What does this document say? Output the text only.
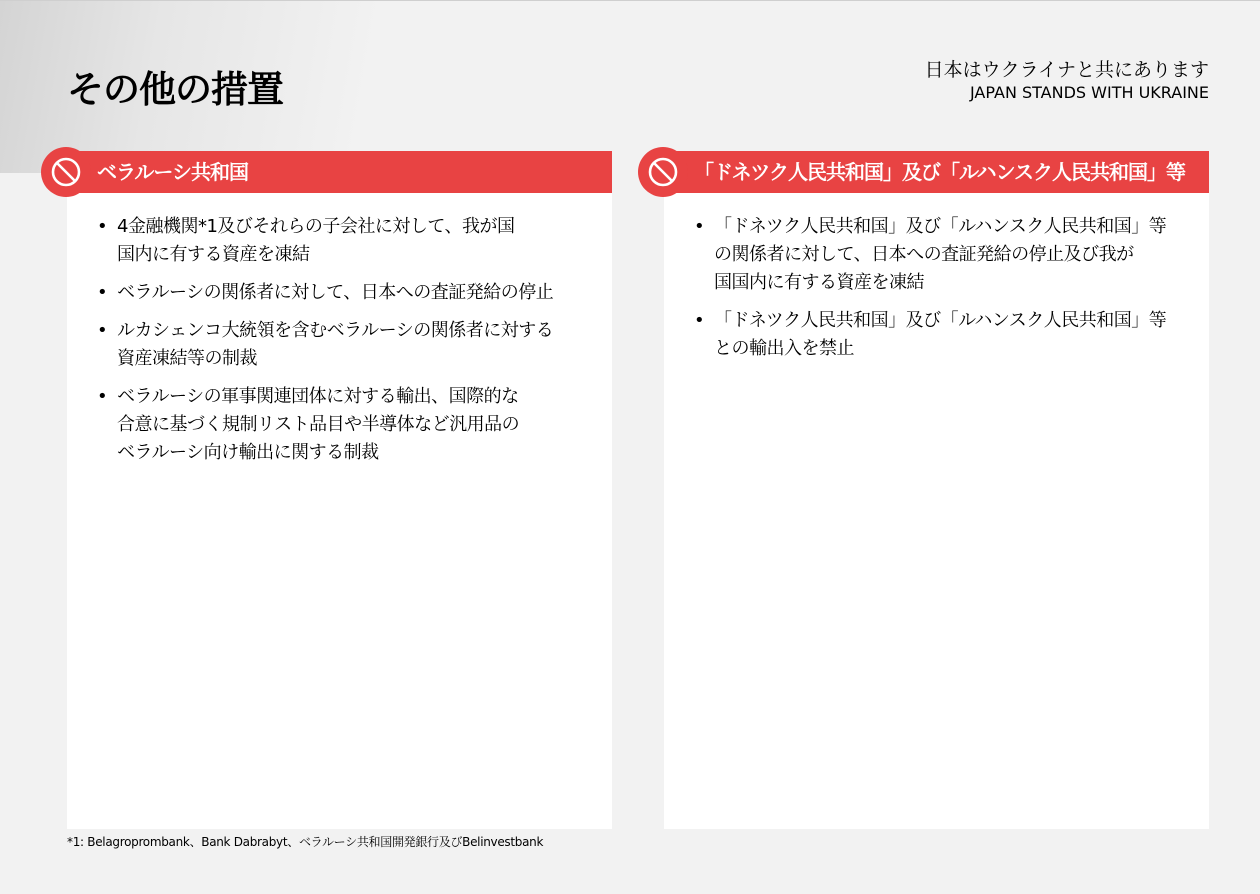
その他の措置	日本はウクライナと共にあります
JAPAN STANDS WITH UKRAINE
ベラルーシ共和国
• 4金融機関*1及びそれらの子会社に対して、我が国
国内に有する資産を凍結
• ベラルーシの関係者に対して、日本への査証発給の停止
• ルカシェンコ大統領を含むベラルーシの関係者に対する
資産凍結等の制裁
• ベラルーシの軍事関連団体に対する輸出、国際的な
合意に基づく規制リスト品目や半導体など汎用品の
ベラルーシ向け輸出に関する制裁
「ドネツク人民共和国」及び「ルハンスク人民共和国」等
• 「ドネツク人民共和国」及び「ルハンスク人民共和国」等
の関係者に対して、日本への査証発給の停止及び我が
国国内に有する資産を凍結
• 「ドネツク人民共和国」及び「ルハンスク人民共和国」等
との輸出入を禁止
*1: Belagroprombank、Bank Dabrabyt、ベラルーシ共和国開発銀行及びBelinvestbank
